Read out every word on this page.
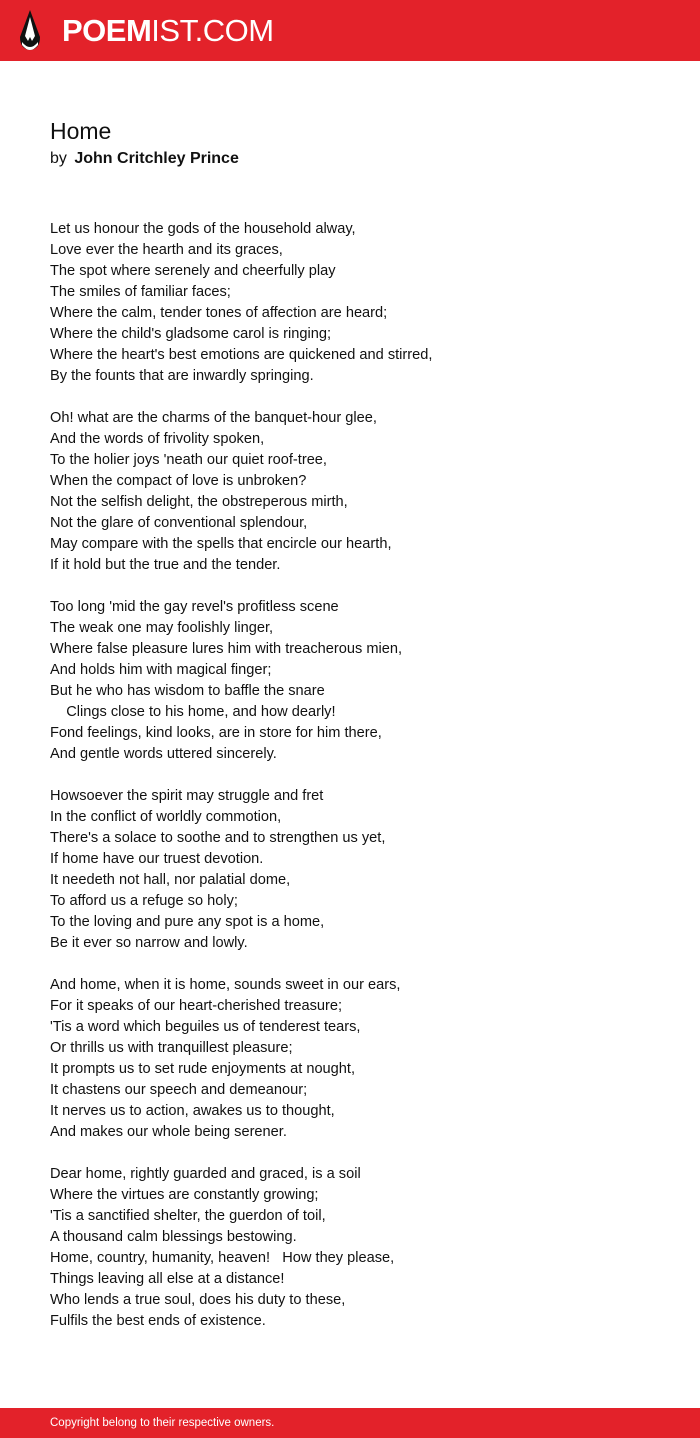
POEMIST.COM
Home
by John Critchley Prince
Let us honour the gods of the household alway,
Love ever the hearth and its graces,
The spot where serenely and cheerfully play
The smiles of familiar faces;
Where the calm, tender tones of affection are heard;
Where the child's gladsome carol is ringing;
Where the heart's best emotions are quickened and stirred,
By the founts that are inwardly springing.
Oh! what are the charms of the banquet-hour glee,
And the words of frivolity spoken,
To the holier joys 'neath our quiet roof-tree,
When the compact of love is unbroken?
Not the selfish delight, the obstreperous mirth,
Not the glare of conventional splendour,
May compare with the spells that encircle our hearth,
If it hold but the true and the tender.
Too long 'mid the gay revel's profitless scene
The weak one may foolishly linger,
Where false pleasure lures him with treacherous mien,
And holds him with magical finger;
But he who has wisdom to baffle the snare
Clings close to his home, and how dearly!
Fond feelings, kind looks, are in store for him there,
And gentle words uttered sincerely.
Howsoever the spirit may struggle and fret
In the conflict of worldly commotion,
There's a solace to soothe and to strengthen us yet,
If home have our truest devotion.
It needeth not hall, nor palatial dome,
To afford us a refuge so holy;
To the loving and pure any spot is a home,
Be it ever so narrow and lowly.
And home, when it is home, sounds sweet in our ears,
For it speaks of our heart-cherished treasure;
'Tis a word which beguiles us of tenderest tears,
Or thrills us with tranquillest pleasure;
It prompts us to set rude enjoyments at nought,
It chastens our speech and demeanour;
It nerves us to action, awakes us to thought,
And makes our whole being serener.
Dear home, rightly guarded and graced, is a soil
Where the virtues are constantly growing;
'Tis a sanctified shelter, the guerdon of toil,
A thousand calm blessings bestowing.
Home, country, humanity, heaven!   How they please,
Things leaving all else at a distance!
Who lends a true soul, does his duty to these,
Fulfils the best ends of existence.
Copyright belong to their respective owners.
